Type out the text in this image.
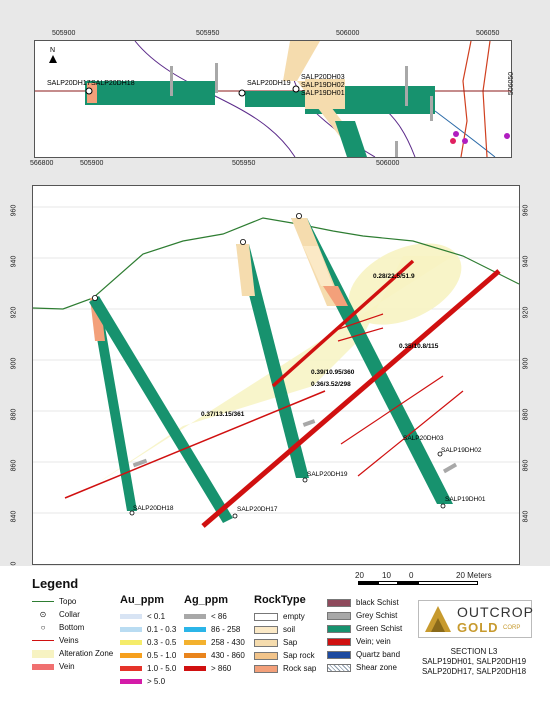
SALP20DH17 SALP20DH18	SALP20DH19
SALP20DH03
SALP19DH02
SALP19DH01
N
505900	505950	506000	506050
566800	505900	505950	506000
506050
0.28/22.5/51.9
0.35/10.8/115
0.39/10.95/360
0.36/3.52/298
0.37/13.15/361
SALP20DH18	SALP20DH17
SALP20DH19
SALP20DH03
SALP19DH02
SALP19DH01
960
940
920
900
880
860
840
960
940
920
900
880
860
840
Legend
20 10 0	20 Meters
Topo
⊙	Collar
○	Bottom
Veins
Alteration Zone
Vein
Au_ppm
< 0.1
0.1 - 0.3
0.3 - 0.5
0.5 - 1.0
1.0 - 5.0
> 5.0
Ag_ppm
< 86
86 - 258
258 - 430
430 - 860
> 860
RockType
empty
soil
Sap
Sap rock
Rock sap
black Schist
Grey Schist
Green Schist
Vein; vein
Quartz band
Shear zone
OUTCROP
GOLD CORP
SECTION L3
SALP19DH01, SALP20DH19
SALP20DH17, SALP20DH18
